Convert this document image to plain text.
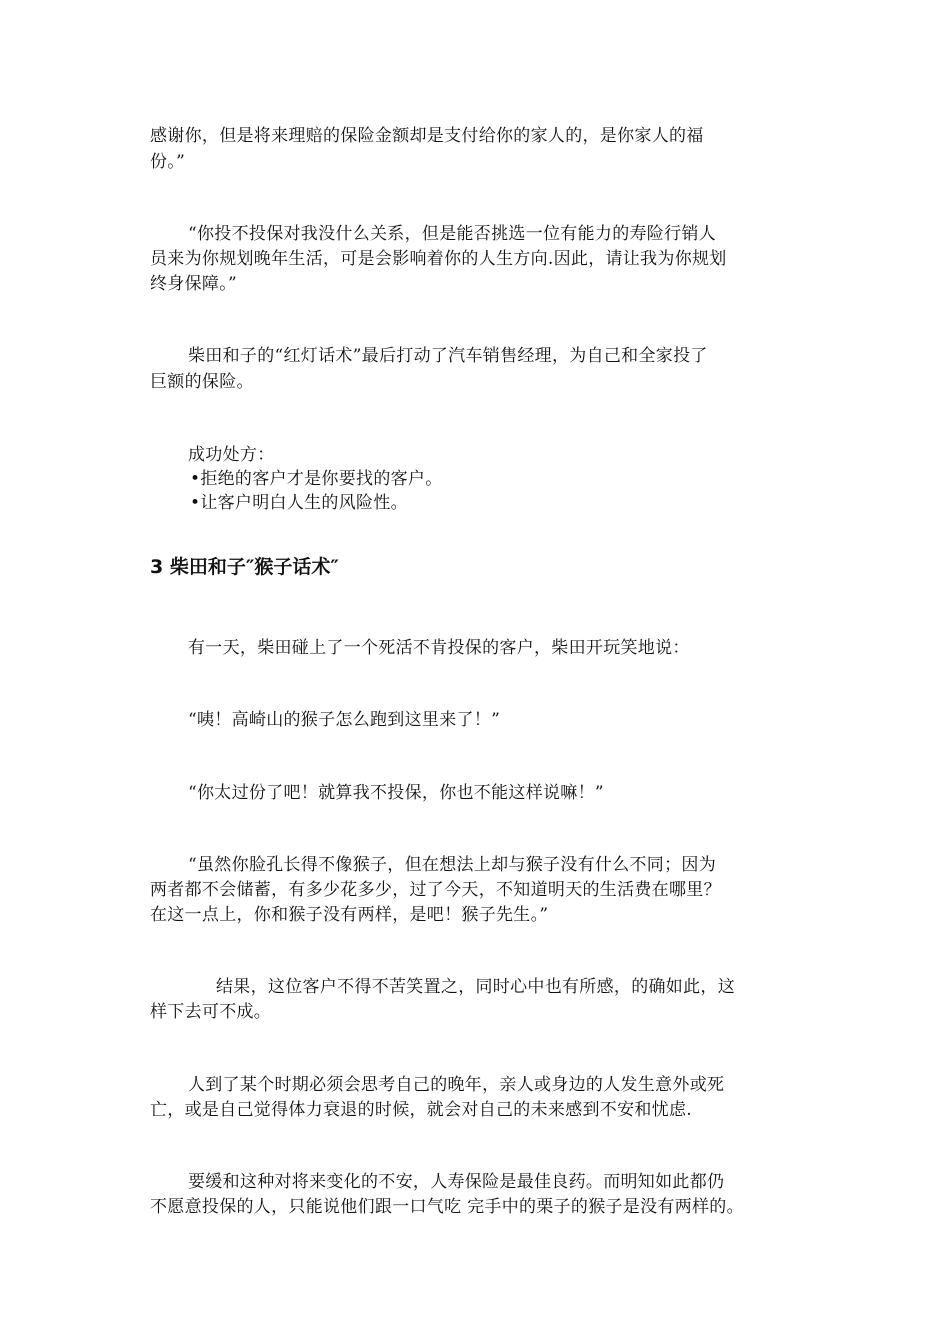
感谢你，但是将来理赔的保险金额却是支付给你的家人的，是你家人的福
份。”
“你投不投保对我没什么关系，但是能否挑选一位有能力的寿险行销人
员来为你规划晚年生活，可是会影响着你的人生方向.因此，请让我为你规划
终身保障。”
柴田和子的“红灯话术”最后打动了汽车销售经理，为自己和全家投了
巨额的保险。
成功处方：
•拒绝的客户才是你要找的客户。
•让客户明白人生的风险性。
3 柴田和子″猴子话术″
有一天，柴田碰上了一个死活不肯投保的客户，柴田开玩笑地说：
“咦！高崎山的猴子怎么跑到这里来了！”
“你太过份了吧！就算我不投保，你也不能这样说嘛！”
“虽然你脸孔长得不像猴子，但在想法上却与猴子没有什么不同；因为
两者都不会储蓄，有多少花多少，过了今天，不知道明天的生活费在哪里？
在这一点上，你和猴子没有两样，是吧！猴子先生。”
结果，这位客户不得不苦笑置之，同时心中也有所感，的确如此，这
样下去可不成。
人到了某个时期必须会思考自己的晚年，亲人或身边的人发生意外或死
亡，或是自己觉得体力衰退的时候，就会对自己的未来感到不安和忧虑.
要缓和这种对将来变化的不安，人寿保险是最佳良药。而明知如此都仍
不愿意投保的人，只能说他们跟一口气吃 完手中的栗子的猴子是没有两样的。
